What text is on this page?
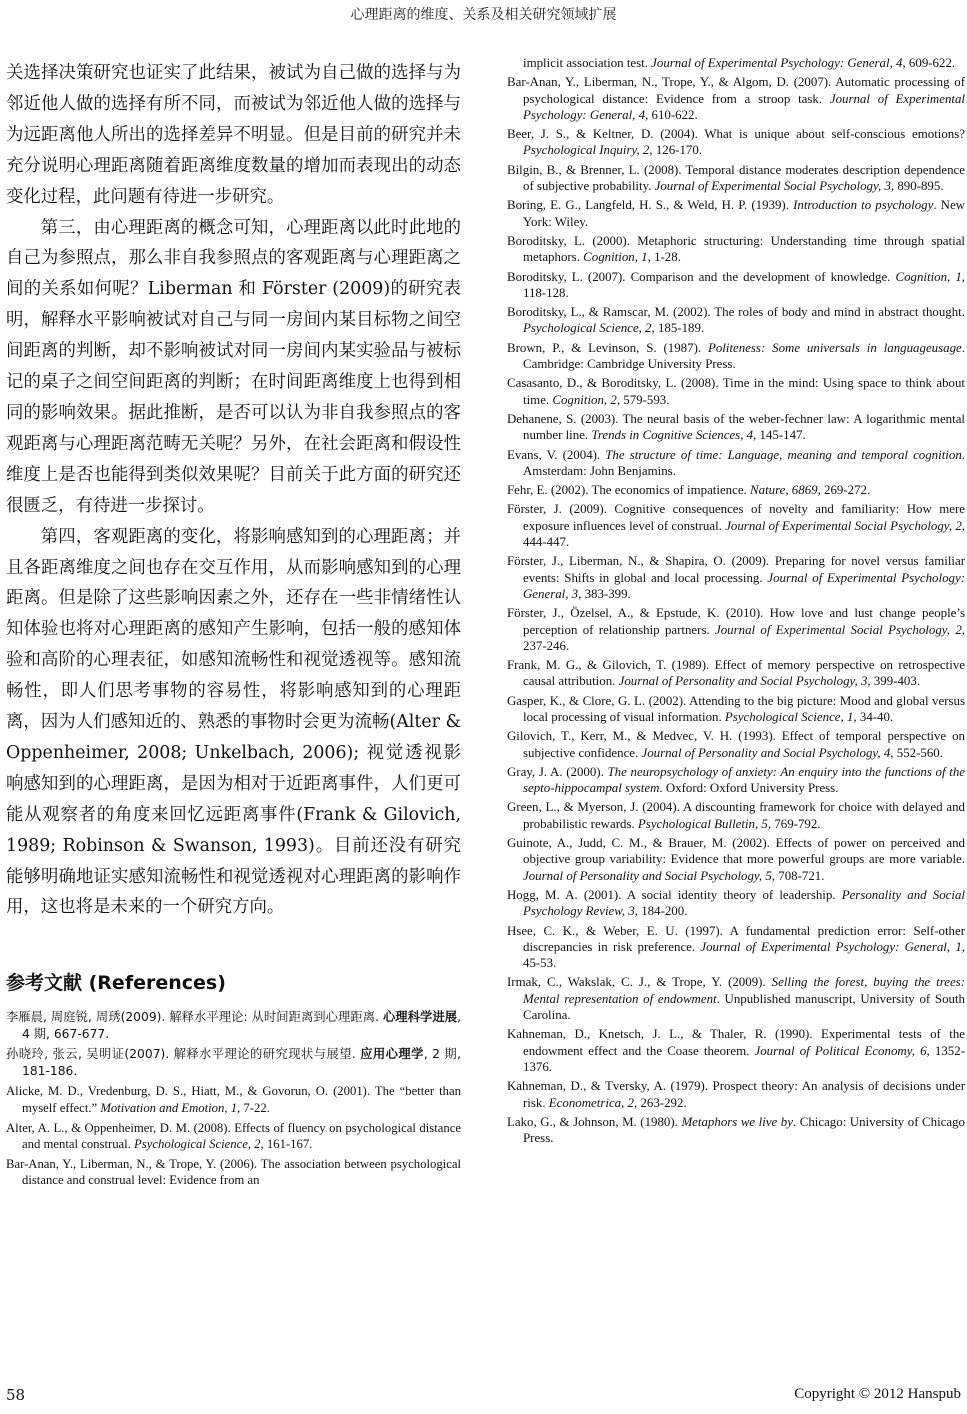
心理距离的维度、关系及相关研究领域扩展

关选择决策研究也证实了此结果，被试为自己做的选择与为邻近他人做的选择有所不同，而被试为邻近他人做的选择与为远距离他人所出的选择差异不明显。但是目前的研究并未充分说明心理距离随着距离维度数量的增加而表现出的动态变化过程，此问题有待进一步研究。

第三，由心理距离的概念可知，心理距离以此时此地的自己为参照点，那么非自我参照点的客观距离与心理距离之间的关系如何呢？Liberman 和 Förster (2009)的研究表明，解释水平影响被试对自己与同一房间内某目标物之间空间距离的判断，却不影响被试对同一房间内某实验品与被标记的桌子之间空间距离的判断；在时间距离维度上也得到相同的影响效果。据此推断，是否可以认为非自我参照点的客观距离与心理距离范畴无关呢？另外，在社会距离和假设性维度上是否也能得到类似效果呢？目前关于此方面的研究还很匮乏，有待进一步探讨。

第四，客观距离的变化，将影响感知到的心理距离；并且各距离维度之间也存在交互作用，从而影响感知到的心理距离。但是除了这些影响因素之外，还存在一些非情绪性认知体验也将对心理距离的感知产生影响，包括一般的感知体验和高阶的心理表征，如感知流畅性和视觉透视等。感知流畅性，即人们思考事物的容易性，将影响感知到的心理距离，因为人们感知近的、熟悉的事物时会更为流畅(Alter & Oppenheimer, 2008; Unkelbach, 2006); 视觉透视影响感知到的心理距离，是因为相对于近距离事件，人们更可能从观察者的角度来回忆远距离事件(Frank & Gilovich, 1989; Robinson & Swanson, 1993)。目前还没有研究能够明确地证实感知流畅性和视觉透视对心理距离的影响作用，这也将是未来的一个研究方向。

参考文献 (References)

李雁晨, 周庭锐, 周琇(2009). 解释水平理论: 从时间距离到心理距离. 心理科学进展, 4 期, 667-677.

孙晓玲, 张云, 吴明证(2007). 解释水平理论的研究现状与展望. 应用心理学, 2 期, 181-186.

Alicke, M. D., Vredenburg, D. S., Hiatt, M., & Govorun, O. (2001). The “better than myself effect.” Motivation and Emotion, 1, 7-22.

Alter, A. L., & Oppenheimer, D. M. (2008). Effects of fluency on psychological distance and mental construal. Psychological Science, 2, 161-167.

Bar-Anan, Y., Liberman, N., & Trope, Y. (2006). The association between psychological distance and construal level: Evidence from an

implicit association test. Journal of Experimental Psychology: General, 4, 609-622.

Bar-Anan, Y., Liberman, N., Trope, Y., & Algom, D. (2007). Automatic processing of psychological distance: Evidence from a stroop task. Journal of Experimental Psychology: General, 4, 610-622.

Beer, J. S., & Keltner, D. (2004). What is unique about self-conscious emotions? Psychological Inquiry, 2, 126-170.

Bilgin, B., & Brenner, L. (2008). Temporal distance moderates description dependence of subjective probability. Journal of Experimental Social Psychology, 3, 890-895.

Boring, E. G., Langfeld, H. S., & Weld, H. P. (1939). Introduction to psychology. New York: Wiley.

Boroditsky, L. (2000). Metaphoric structuring: Understanding time through spatial metaphors. Cognition, 1, 1-28.

Boroditsky, L. (2007). Comparison and the development of knowledge. Cognition, 1, 118-128.

Boroditsky, L., & Ramscar, M. (2002). The roles of body and mind in abstract thought. Psychological Science, 2, 185-189.

Brown, P., & Levinson, S. (1987). Politeness: Some universals in languageusage. Cambridge: Cambridge University Press.

Casasanto, D., & Boroditsky, L. (2008). Time in the mind: Using space to think about time. Cognition, 2, 579-593.

Dehanene, S. (2003). The neural basis of the weber-fechner law: A logarithmic mental number line. Trends in Cognitive Sciences, 4, 145-147.

Evans, V. (2004). The structure of time: Language, meaning and temporal cognition. Amsterdam: John Benjamins.

Fehr, E. (2002). The economics of impatience. Nature, 6869, 269-272.

Förster, J. (2009). Cognitive consequences of novelty and familiarity: How mere exposure influences level of construal. Journal of Experimental Social Psychology, 2, 444-447.

Förster, J., Liberman, N., & Shapira, O. (2009). Preparing for novel versus familiar events: Shifts in global and local processing. Journal of Experimental Psychology: General, 3, 383-399.

Förster, J., Özelsel, A., & Epstude, K. (2010). How love and lust change people’s perception of relationship partners. Journal of Experimental Social Psychology, 2, 237-246.

Frank, M. G., & Gilovich, T. (1989). Effect of memory perspective on retrospective causal attribution. Journal of Personality and Social Psychology, 3, 399-403.

Gasper, K., & Clore, G. L. (2002). Attending to the big picture: Mood and global versus local processing of visual information. Psychological Science, 1, 34-40.

Gilovich, T., Kerr, M., & Medvec, V. H. (1993). Effect of temporal perspective on subjective confidence. Journal of Personality and Social Psychology, 4, 552-560.

Gray, J. A. (2000). The neuropsychology of anxiety: An enquiry into the functions of the septo-hippocampal system. Oxford: Oxford University Press.

Green, L., & Myerson, J. (2004). A discounting framework for choice with delayed and probabilistic rewards. Psychological Bulletin, 5, 769-792.

Guinote, A., Judd, C. M., & Brauer, M. (2002). Effects of power on perceived and objective group variability: Evidence that more powerful groups are more variable. Journal of Personality and Social Psychology, 5, 708-721.

Hogg, M. A. (2001). A social identity theory of leadership. Personality and Social Psychology Review, 3, 184-200.

Hsee, C. K., & Weber, E. U. (1997). A fundamental prediction error: Self-other discrepancies in risk preference. Journal of Experimental Psychology: General, 1, 45-53.

Irmak, C., Wakslak, C. J., & Trope, Y. (2009). Selling the forest, buying the trees: Mental representation of endowment. Unpublished manuscript, University of South Carolina.

Kahneman, D., Knetsch, J. L., & Thaler, R. (1990). Experimental tests of the endowment effect and the Coase theorem. Journal of Political Economy, 6, 1352-1376.

Kahneman, D., & Tversky, A. (1979). Prospect theory: An analysis of decisions under risk. Econometrica, 2, 263-292.

Lako, G., & Johnson, M. (1980). Metaphors we live by. Chicago: University of Chicago Press.

58	Copyright © 2012 Hanspub
